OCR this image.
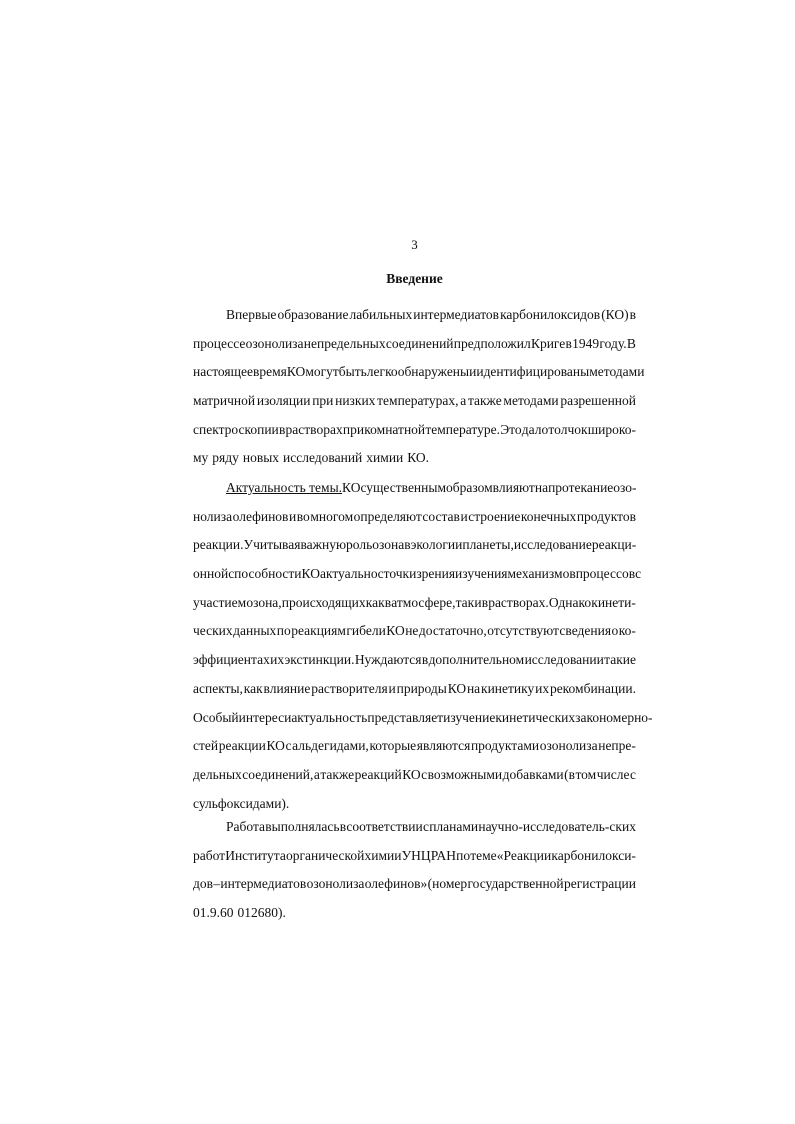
3
Введение
Впервые образование лабильных интермедиатов карбонилоксидов (КО) в
процессе озонолиза непредельных соединений предположил Криге в 1949 году. В
настоящее время КО могут быть легко обнаружены и идентифицированы методами
матричной изоляции при низких температурах, а также методами разрешенной
спектроскопии в растворах при комнатной температуре. Это дало толчок широко-
му ряду новых исследований химии КО.
Актуальность темы. КО существенным образом влияют на протекание озо-
нолиза олефинов и во многом определяют состав и строение конечных продуктов
реакции. Учитывая важную роль озона в экологии планеты, исследование реакци-
онной способности КО актуально с точки зрения изучения механизмов процессов с
участием озона, происходящих как в атмосфере, так и в растворах. Однако кинети-
ческих данных по реакциям гибели КО не достаточно, отсутствуют сведения о ко-
эффициентах их экстинкции. Нуждаются в дополнительном исследовании такие
аспекты, как влияние растворителя и природы КО на кинетику их рекомбинации.
Особый интерес и актуальность представляет изучение кинетических закономерно-
стей реакции КО с альдегидами, которые являются продуктами озонолиза непре-
дельных соединений, а также реакций КО с возможными добавками (в том числе с
сульфоксидами).
Работа выполнялась в соответствии с планами научно-исследователь-ских
работ Института органической химии УНЦ РАН по теме «Реакции карбонилокси-
дов – интермедиатов озонолиза олефинов» (номер государственной регистрации
01.9.60 012680).
